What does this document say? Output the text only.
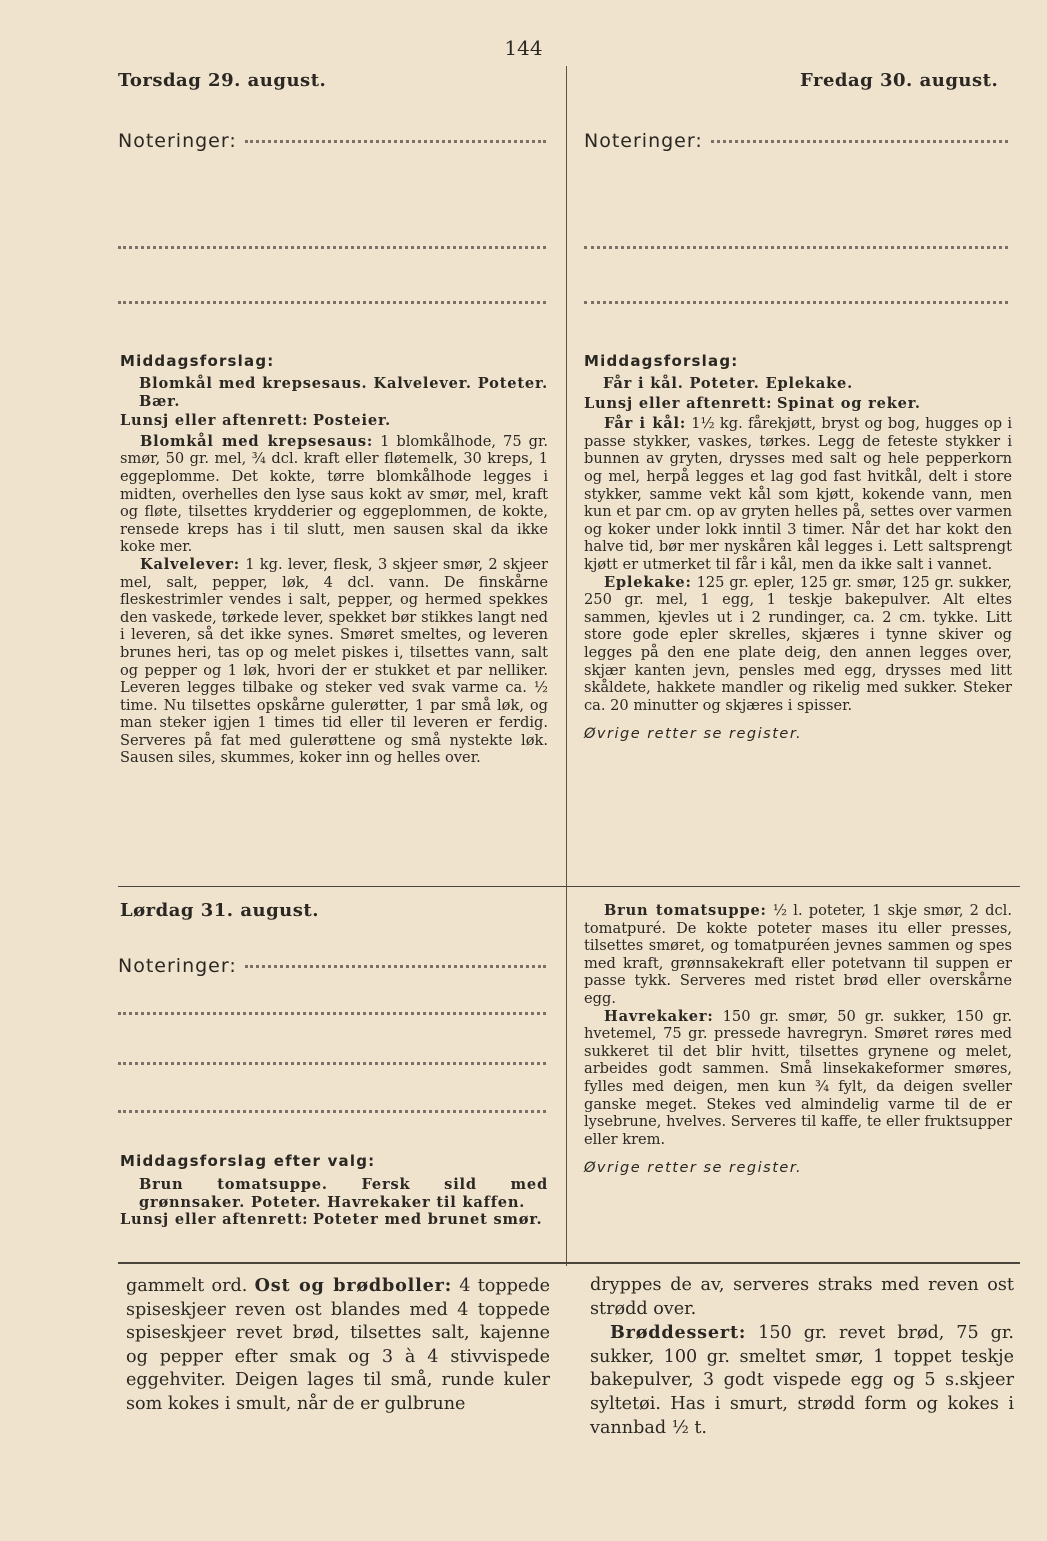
144
Torsdag 29. august.
Noteringer:
Middagsforslag:

Blomkål med krepsesaus. Kalvelever. Poteter. Bær.

Lunsj eller aftenrett: Posteier.

Blomkål med krepsesaus: 1 blomkålhode, 75 gr. smør, 50 gr. mel, ¾ dcl. kraft eller fløtemelk, 30 kreps, 1 eggeplomme. Det kokte, tørre blomkålhode legges i midten, overhelles den lyse saus kokt av smør, mel, kraft og fløte, tilsettes krydderier og eggeplommen, de kokte, rensede kreps has i til slutt, men sausen skal da ikke koke mer.

Kalvelever: 1 kg. lever, flesk, 3 skjeer smør, 2 skjeer mel, salt, pepper, løk, 4 dcl. vann. De finskårne fleskestrimler vendes i salt, pepper, og hermed spekkes den vaskede, tørkede lever, spekket bør stikkes langt ned i leveren, så det ikke synes. Smøret smeltes, og leveren brunes heri, tas op og melet piskes i, tilsettes vann, salt og pepper og 1 løk, hvori der er stukket et par nelliker. Leveren legges tilbake og steker ved svak varme ca. ½ time. Nu tilsettes opskårne gulerøtter, 1 par små løk, og man steker igjen 1 times tid eller til leveren er ferdig. Serveres på fat med gulerøttene og små nystekte løk. Sausen siles, skummes, koker inn og helles over.

Fredag 30. august.
Noteringer:
Middagsforslag:

Får i kål. Poteter. Eplekake.

Lunsj eller aftenrett: Spinat og reker.

Får i kål: 1½ kg. fårekjøtt, bryst og bog, hugges op i passe stykker, vaskes, tørkes. Legg de feteste stykker i bunnen av gryten, drysses med salt og hele pepperkorn og mel, herpå legges et lag god fast hvitkål, delt i store stykker, samme vekt kål som kjøtt, kokende vann, men kun et par cm. op av gryten helles på, settes over varmen og koker under lokk inntil 3 timer. Når det har kokt den halve tid, bør mer nyskåren kål legges i. Lett saltsprengt kjøtt er utmerket til får i kål, men da ikke salt i vannet.

Eplekake: 125 gr. epler, 125 gr. smør, 125 gr. sukker, 250 gr. mel, 1 egg, 1 teskje bakepulver. Alt eltes sammen, kjevles ut i 2 rundinger, ca. 2 cm. tykke. Litt store gode epler skrelles, skjæres i tynne skiver og legges på den ene plate deig, den annen legges over, skjær kanten jevn, pensles med egg, drysses med litt skåldete, hakkete mandler og rikelig med sukker. Steker ca. 20 minutter og skjæres i spisser.

Øvrige retter se register.

Lørdag 31. august.
Noteringer:
Middagsforslag efter valg:

Brun tomatsuppe. Fersk sild med grønnsaker. Poteter. Havrekaker til kaffen.

Lunsj eller aftenrett: Poteter med brunet smør.

Brun tomatsuppe: ½ l. poteter, 1 skje smør, 2 dcl. tomatpuré. De kokte poteter mases itu eller presses, tilsettes smøret, og tomatpuréen jevnes sammen og spes med kraft, grønnsakekraft eller potetvann til suppen er passe tykk. Serveres med ristet brød eller overskårne egg.

Havrekaker: 150 gr. smør, 50 gr. sukker, 150 gr. hvetemel, 75 gr. pressede havregryn. Smøret røres med sukkeret til det blir hvitt, tilsettes grynene og melet, arbeides godt sammen. Små linsekakeformer smøres, fylles med deigen, men kun ¾ fylt, da deigen sveller ganske meget. Stekes ved almindelig varme til de er lysebrune, hvelves. Serveres til kaffe, te eller fruktsupper eller krem.

Øvrige retter se register.

gammelt ord. Ost og brødboller: 4 toppede spiseskjeer reven ost blandes med 4 toppede spiseskjeer revet brød, tilsettes salt, kajenne og pepper efter smak og 3 à 4 stivvispede eggehviter. Deigen lages til små, runde kuler som kokes i smult, når de er gulbrune

dryppes de av, serveres straks med reven ost strødd over.

Brøddessert: 150 gr. revet brød, 75 gr. sukker, 100 gr. smeltet smør, 1 toppet teskje bakepulver, 3 godt vispede egg og 5 s.skjeer syltetøi. Has i smurt, strødd form og kokes i vannbad ½ t.
